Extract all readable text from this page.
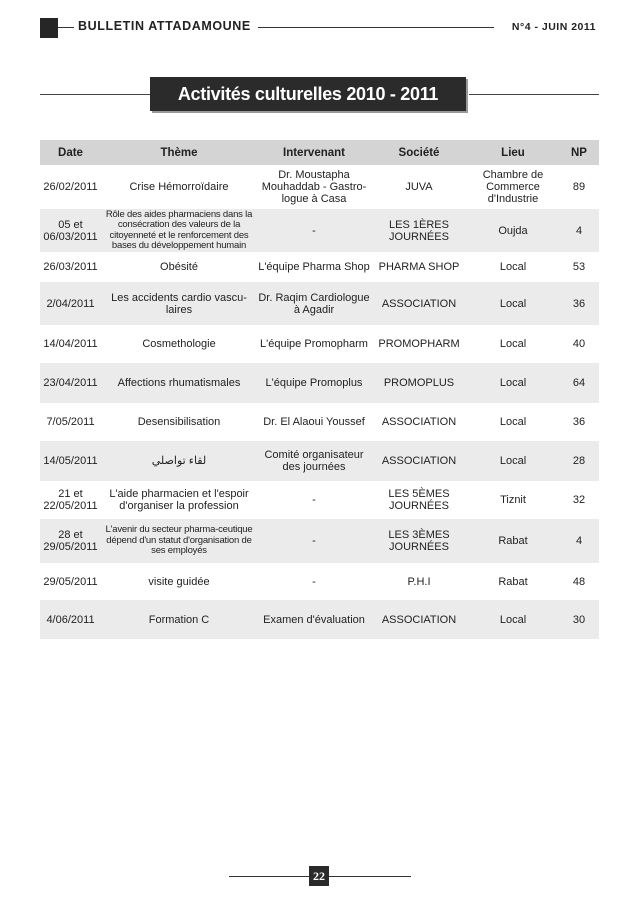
BULLETIN ATTADAMOUNE	N°4 - JUIN 2011
Activités culturelles 2010 - 2011
Date	Thème	Intervenant	Société	Lieu	NP
26/02/2011	Crise Hémorroïdaire	Dr. Moustapha Mouhaddab - Gastro-logue à Casa	JUVA	Chambre de Commerce d'Industrie	89
05 et 06/03/2011	Rôle des aides pharmaciens dans la consécration des valeurs de la citoyenneté et le renforcement des bases du développement humain	-	LES 1ÈRES JOURNÉES	Oujda	4
26/03/2011	Obésité	L'équipe Pharma Shop	PHARMA SHOP	Local	53
2/04/2011	Les accidents cardio vascu-laires	Dr. Raqim Cardiologue à Agadir	ASSOCIATION	Local	36
14/04/2011	Cosmethologie	L'équipe Promopharm	PROMOPHARM	Local	40
23/04/2011	Affections rhumatismales	L'équipe Promoplus	PROMOPLUS	Local	64
7/05/2011	Desensibilisation	Dr. El Alaoui Youssef	ASSOCIATION	Local	36
14/05/2011	لقاء تواصلي	Comité organisateur des journées	ASSOCIATION	Local	28
21 et 22/05/2011	L'aide pharmacien et l'espoir d'organiser la profession	-	LES 5ÈMES JOURNÉES	Tiznit	32
28 et 29/05/2011	L'avenir du secteur pharma-ceutique dépend d'un statut d'organisation de ses employés	-	LES 3ÈMES JOURNÉES	Rabat	4
29/05/2011	visite guidée	-	P.H.I	Rabat	48
4/06/2011	Formation C	Examen d'évaluation	ASSOCIATION	Local	30
22
